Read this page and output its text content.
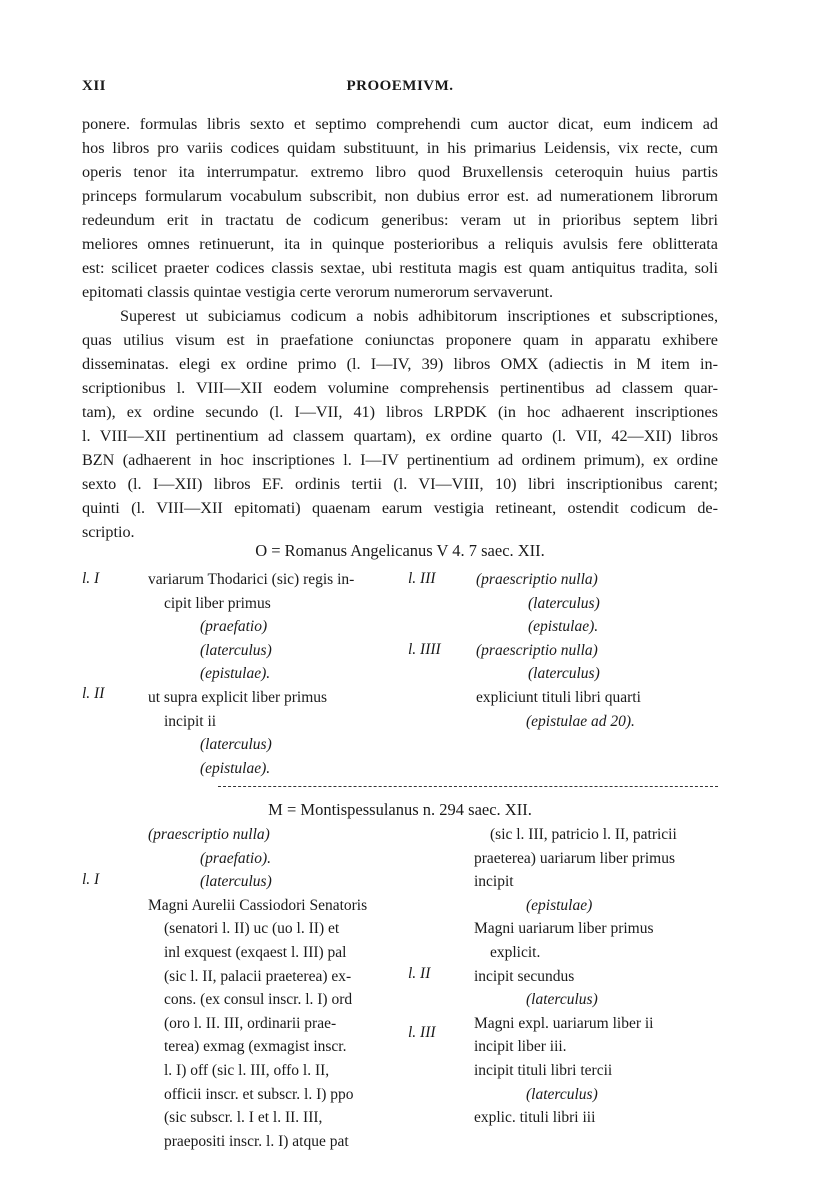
XII	PROOEMIVM.
ponere. formulas libris sexto et septimo comprehendi cum auctor dicat, eum indicem ad
hos libros pro variis codices quidam substituunt, in his primarius Leidensis, vix recte, cum
operis tenor ita interrumpatur. extremo libro quod Bruxellensis ceteroquin huius partis
princeps formularum vocabulum subscribit, non dubius error est. ad numerationem librorum
redeundum erit in tractatu de codicum generibus: veram ut in prioribus septem libri
meliores omnes retinuerunt, ita in quinque posterioribus a reliquis avulsis fere oblitterata
est: scilicet praeter codices classis sextae, ubi restituta magis est quam antiquitus tradita, soli
epitomati classis quintae vestigia certe verorum numerorum servaverunt.
Superest ut subiciamus codicum a nobis adhibitorum inscriptiones et subscriptiones,
quas utilius visum est in praefatione coniunctas proponere quam in apparatu exhibere
disseminatas. elegi ex ordine primo (l. I—IV, 39) libros OMX (adiectis in M item in-
scriptionibus l. VIII—XII eodem volumine comprehensis pertinentibus ad classem quar-
tam), ex ordine secundo (l. I—VII, 41) libros LRPDK (in hoc adhaerent inscriptiones
l. VIII—XII pertinentium ad classem quartam), ex ordine quarto (l. VII, 42—XII) libros
BZN (adhaerent in hoc inscriptiones l. I—IV pertinentium ad ordinem primum), ex ordine
sexto (l. I—XII) libros EF. ordinis tertii (l. VI—VIII, 10) libri inscriptionibus carent;
quinti (l. VIII—XII epitomati) quaenam earum vestigia retineant, ostendit codicum de-
scriptio.
O = Romanus Angelicanus V 4. 7 saec. XII.
l. I
l. II
variarum Thodarici (sic) regis in-
cipit liber primus
(praefatio)
(laterculus)
(epistulae).
ut supra explicit liber primus
incipit ii
(laterculus)
(epistulae).
l. III
l. IIII
(praescriptio nulla)
(laterculus)
(epistulae).
(praescriptio nulla)
(laterculus)
expliciunt tituli libri quarti
(epistulae ad 20).
M = Montispessulanus n. 294 saec. XII.
l. I
(praescriptio nulla)
(praefatio).
(laterculus)
Magni Aurelii Cassiodori Senatoris
(senatori l. II) uc (uo l. II) et
inl exquest (exqaest l. III) pal
(sic l. II, palacii praeterea) ex-
cons. (ex consul inscr. l. I) ord
(oro l. II. III, ordinarii prae-
terea) exmag (exmagist inscr.
l. I) off (sic l. III, offo l. II,
officii inscr. et subscr. l. I) ppo
(sic subscr. l. I et l. II. III,
praepositi inscr. l. I) atque pat
l. II
l. III
(sic l. III, patricio l. II, patricii
praeterea) uariarum liber primus
incipit
(epistulae)
Magni uariarum liber primus
explicit.
incipit secundus
(laterculus)
Magni expl. uariarum liber ii
incipit liber iii.
incipit tituli libri tercii
(laterculus)
explic. tituli libri iii
